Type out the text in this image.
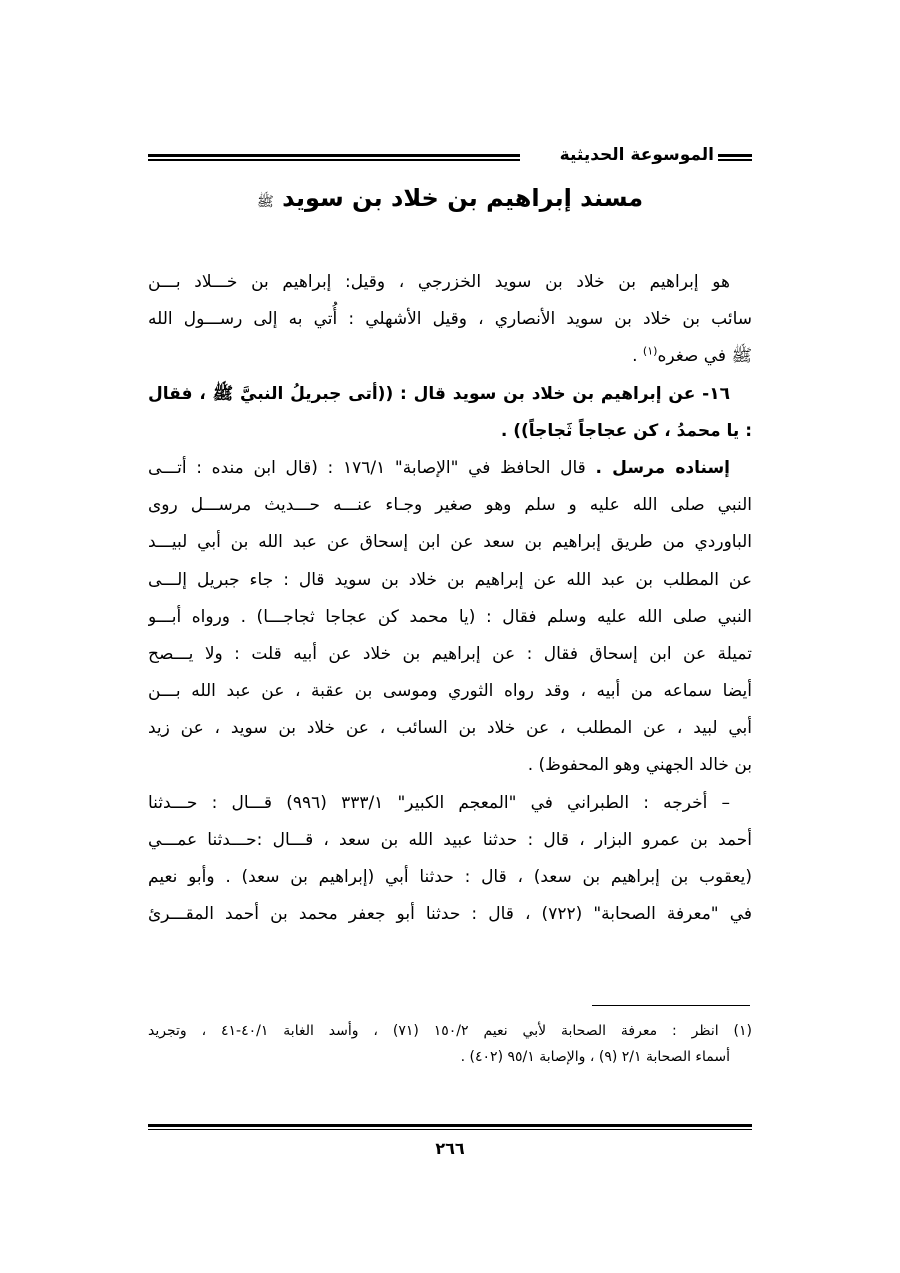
الموسوعة الحديثية
مسند إبراهيم بن خلاد بن سويد ﷺ
هو إبراهيم بن خلاد بن سويد الخزرجي ، وقيل: إبراهيم بن خـــلاد بـــن
سائب بن خلاد بن سويد الأنصاري ، وقيل الأشهلي : أُتي به إلى رســـول الله
ﷺ في صغره$^{(١)}$ .
١٦- عن إبراهيم بن خلاد بن سويد قال : ((أتى جبريلُ النبيَّ ﷺ ، فقال
: يا محمدُ ، كن عجاجاً ثَجاجاً)) .
إسناده مرسل . قال الحافظ في "الإصابة" ١٧٦/١ : (قال ابن منده : أتـــى
النبي صلى الله عليه و سلم وهو صغير وجـاء عنـــه حـــديث مرســـل روى
الباوردي من طريق إبراهيم بن سعد عن ابن إسحاق عن عبد الله بن أبي لبيـــد
عن المطلب بن عبد الله عن إبراهيم بن خلاد بن سويد قال : جاء جبريل إلـــى
النبي صلى الله عليه وسلم فقال : (يا محمد كن عجاجا ثجاجـــا) . ورواه أبـــو
تميلة عن ابن إسحاق فقال : عن إبراهيم بن خلاد عن أبيه قلت : ولا يـــصح
أيضا سماعه من أبيه ، وقد رواه الثوري وموسى بن عقبة ، عن عبد الله بـــن
أبي لبيد ، عن المطلب ، عن خلاد بن السائب ، عن خلاد بن سويد ، عن زيد
بن خالد الجهني وهو المحفوظ) .
– أخرجه : الطبراني في "المعجم الكبير" ٣٣٣/١ (٩٩٦) قـــال : حـــدثنا
أحمد بن عمرو البزار ، قال : حدثنا عبيد الله بن سعد ، قـــال :حـــدثنا عمـــي
(يعقوب بن إبراهيم بن سعد) ، قال : حدثنا أبي (إبراهيم بن سعد) . وأبو نعيم
في "معرفة الصحابة" (٧٢٢) ، قال : حدثنا أبو جعفر محمد بن أحمد المقـــرئ
(١) انظر : معرفة الصحابة لأبي نعيم ١٥٠/٢ (٧١) ، وأسد الغابة ٤٠/١-٤١ ، وتجريد
أسماء الصحابة ٢/١ (٩) ، والإصابة ٩٥/١ (٤٠٢) .
٢٦٦
